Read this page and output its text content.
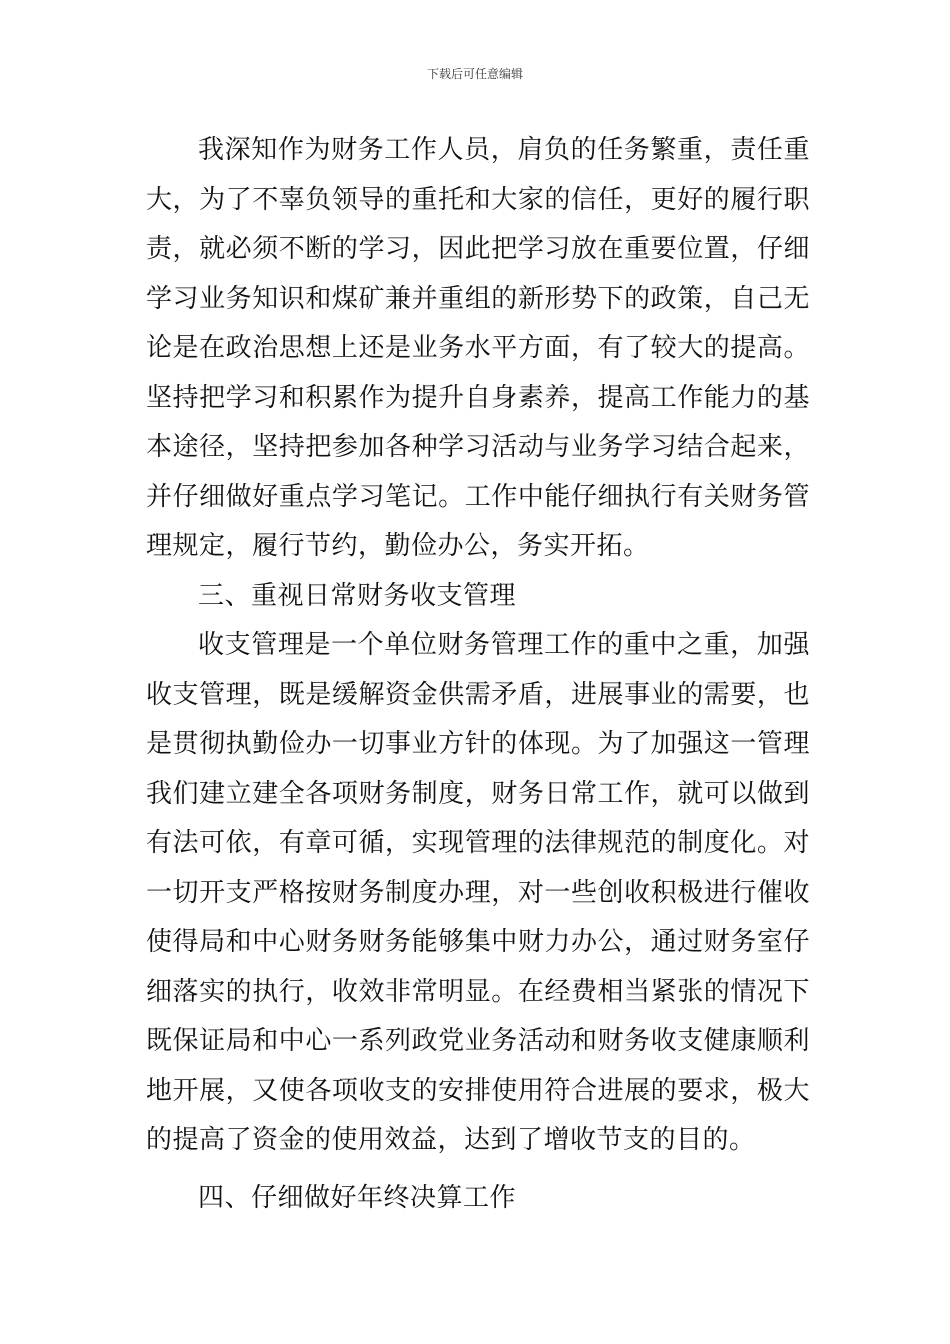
下载后可任意编辑

我深知作为财务工作人员，肩负的任务繁重，责任重大，为了不辜负领导的重托和大家的信任，更好的履行职责，就必须不断的学习，因此把学习放在重要位置，仔细学习业务知识和煤矿兼并重组的新形势下的政策，自己无论是在政治思想上还是业务水平方面，有了较大的提高。坚持把学习和积累作为提升自身素养，提高工作能力的基本途径，坚持把参加各种学习活动与业务学习结合起来，并仔细做好重点学习笔记。工作中能仔细执行有关财务管理规定，履行节约，勤俭办公，务实开拓。

三、重视日常财务收支管理

收支管理是一个单位财务管理工作的重中之重，加强收支管理，既是缓解资金供需矛盾，进展事业的需要，也是贯彻执勤俭办一切事业方针的体现。为了加强这一管理我们建立建全各项财务制度，财务日常工作，就可以做到有法可依，有章可循，实现管理的法律规范的制度化。对一切开支严格按财务制度办理，对一些创收积极进行催收使得局和中心财务财务能够集中财力办公，通过财务室仔细落实的执行，收效非常明显。在经费相当紧张的情况下既保证局和中心一系列政党业务活动和财务收支健康顺利地开展，又使各项收支的安排使用符合进展的要求，极大的提高了资金的使用效益，达到了增收节支的目的。

四、仔细做好年终决算工作
